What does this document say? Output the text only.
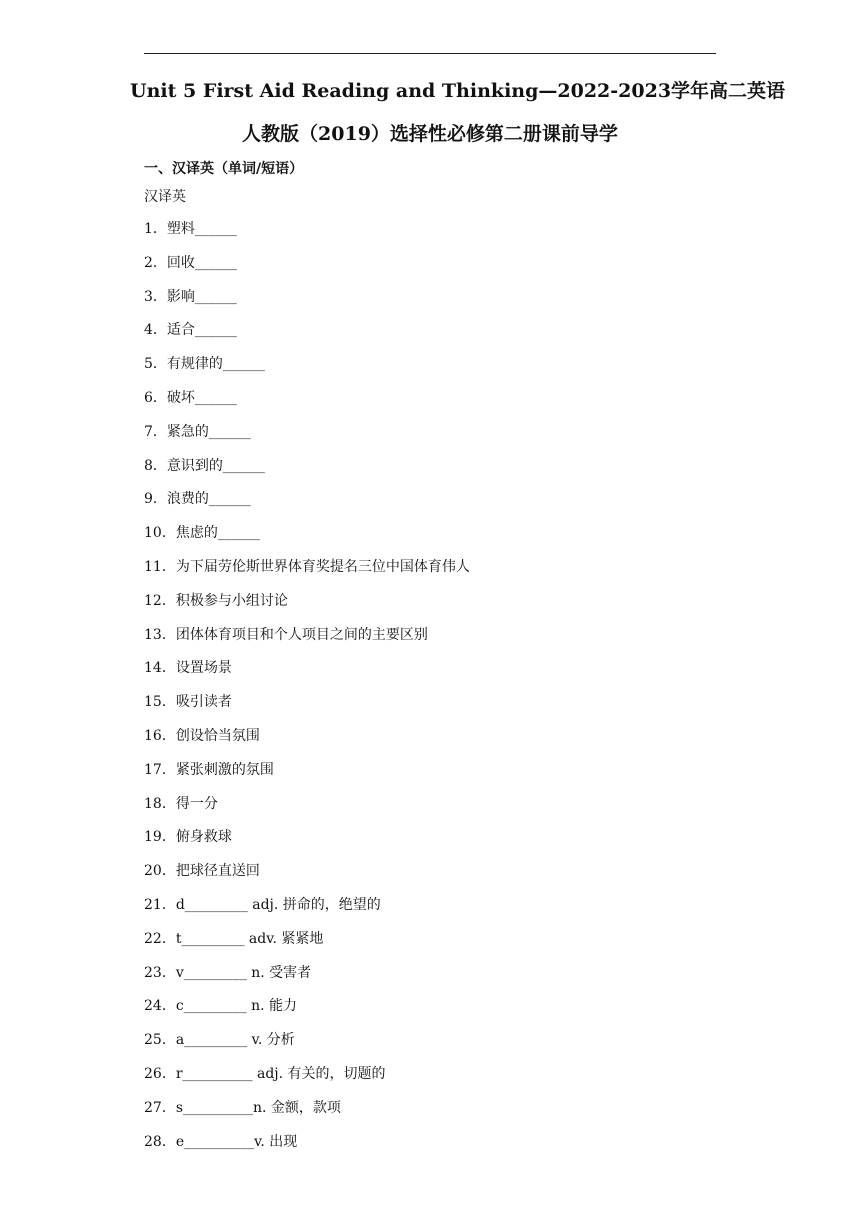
Unit 5 First Aid Reading and Thinking—2022-2023学年高二英语
人教版（2019）选择性必修第二册课前导学
一、汉译英（单词/短语）
汉译英
1．塑料______
2．回收______
3．影响______
4．适合______
5．有规律的______
6．破坏______
7．紧急的______
8．意识到的______
9．浪费的______
10．焦虑的______
11．为下届劳伦斯世界体育奖提名三位中国体育伟人
12．积极参与小组讨论
13．团体体育项目和个人项目之间的主要区别
14．设置场景
15．吸引读者
16．创设恰当氛围
17．紧张刺激的氛围
18．得一分
19．俯身救球
20．把球径直送回
21．d_________ adj. 拼命的，绝望的
22．t_________ adv. 紧紧地
23．v_________ n. 受害者
24．c_________ n. 能力
25．a_________ v. 分析
26．r__________ adj. 有关的，切题的
27．s__________n. 金额，款项
28．e__________v. 出现
